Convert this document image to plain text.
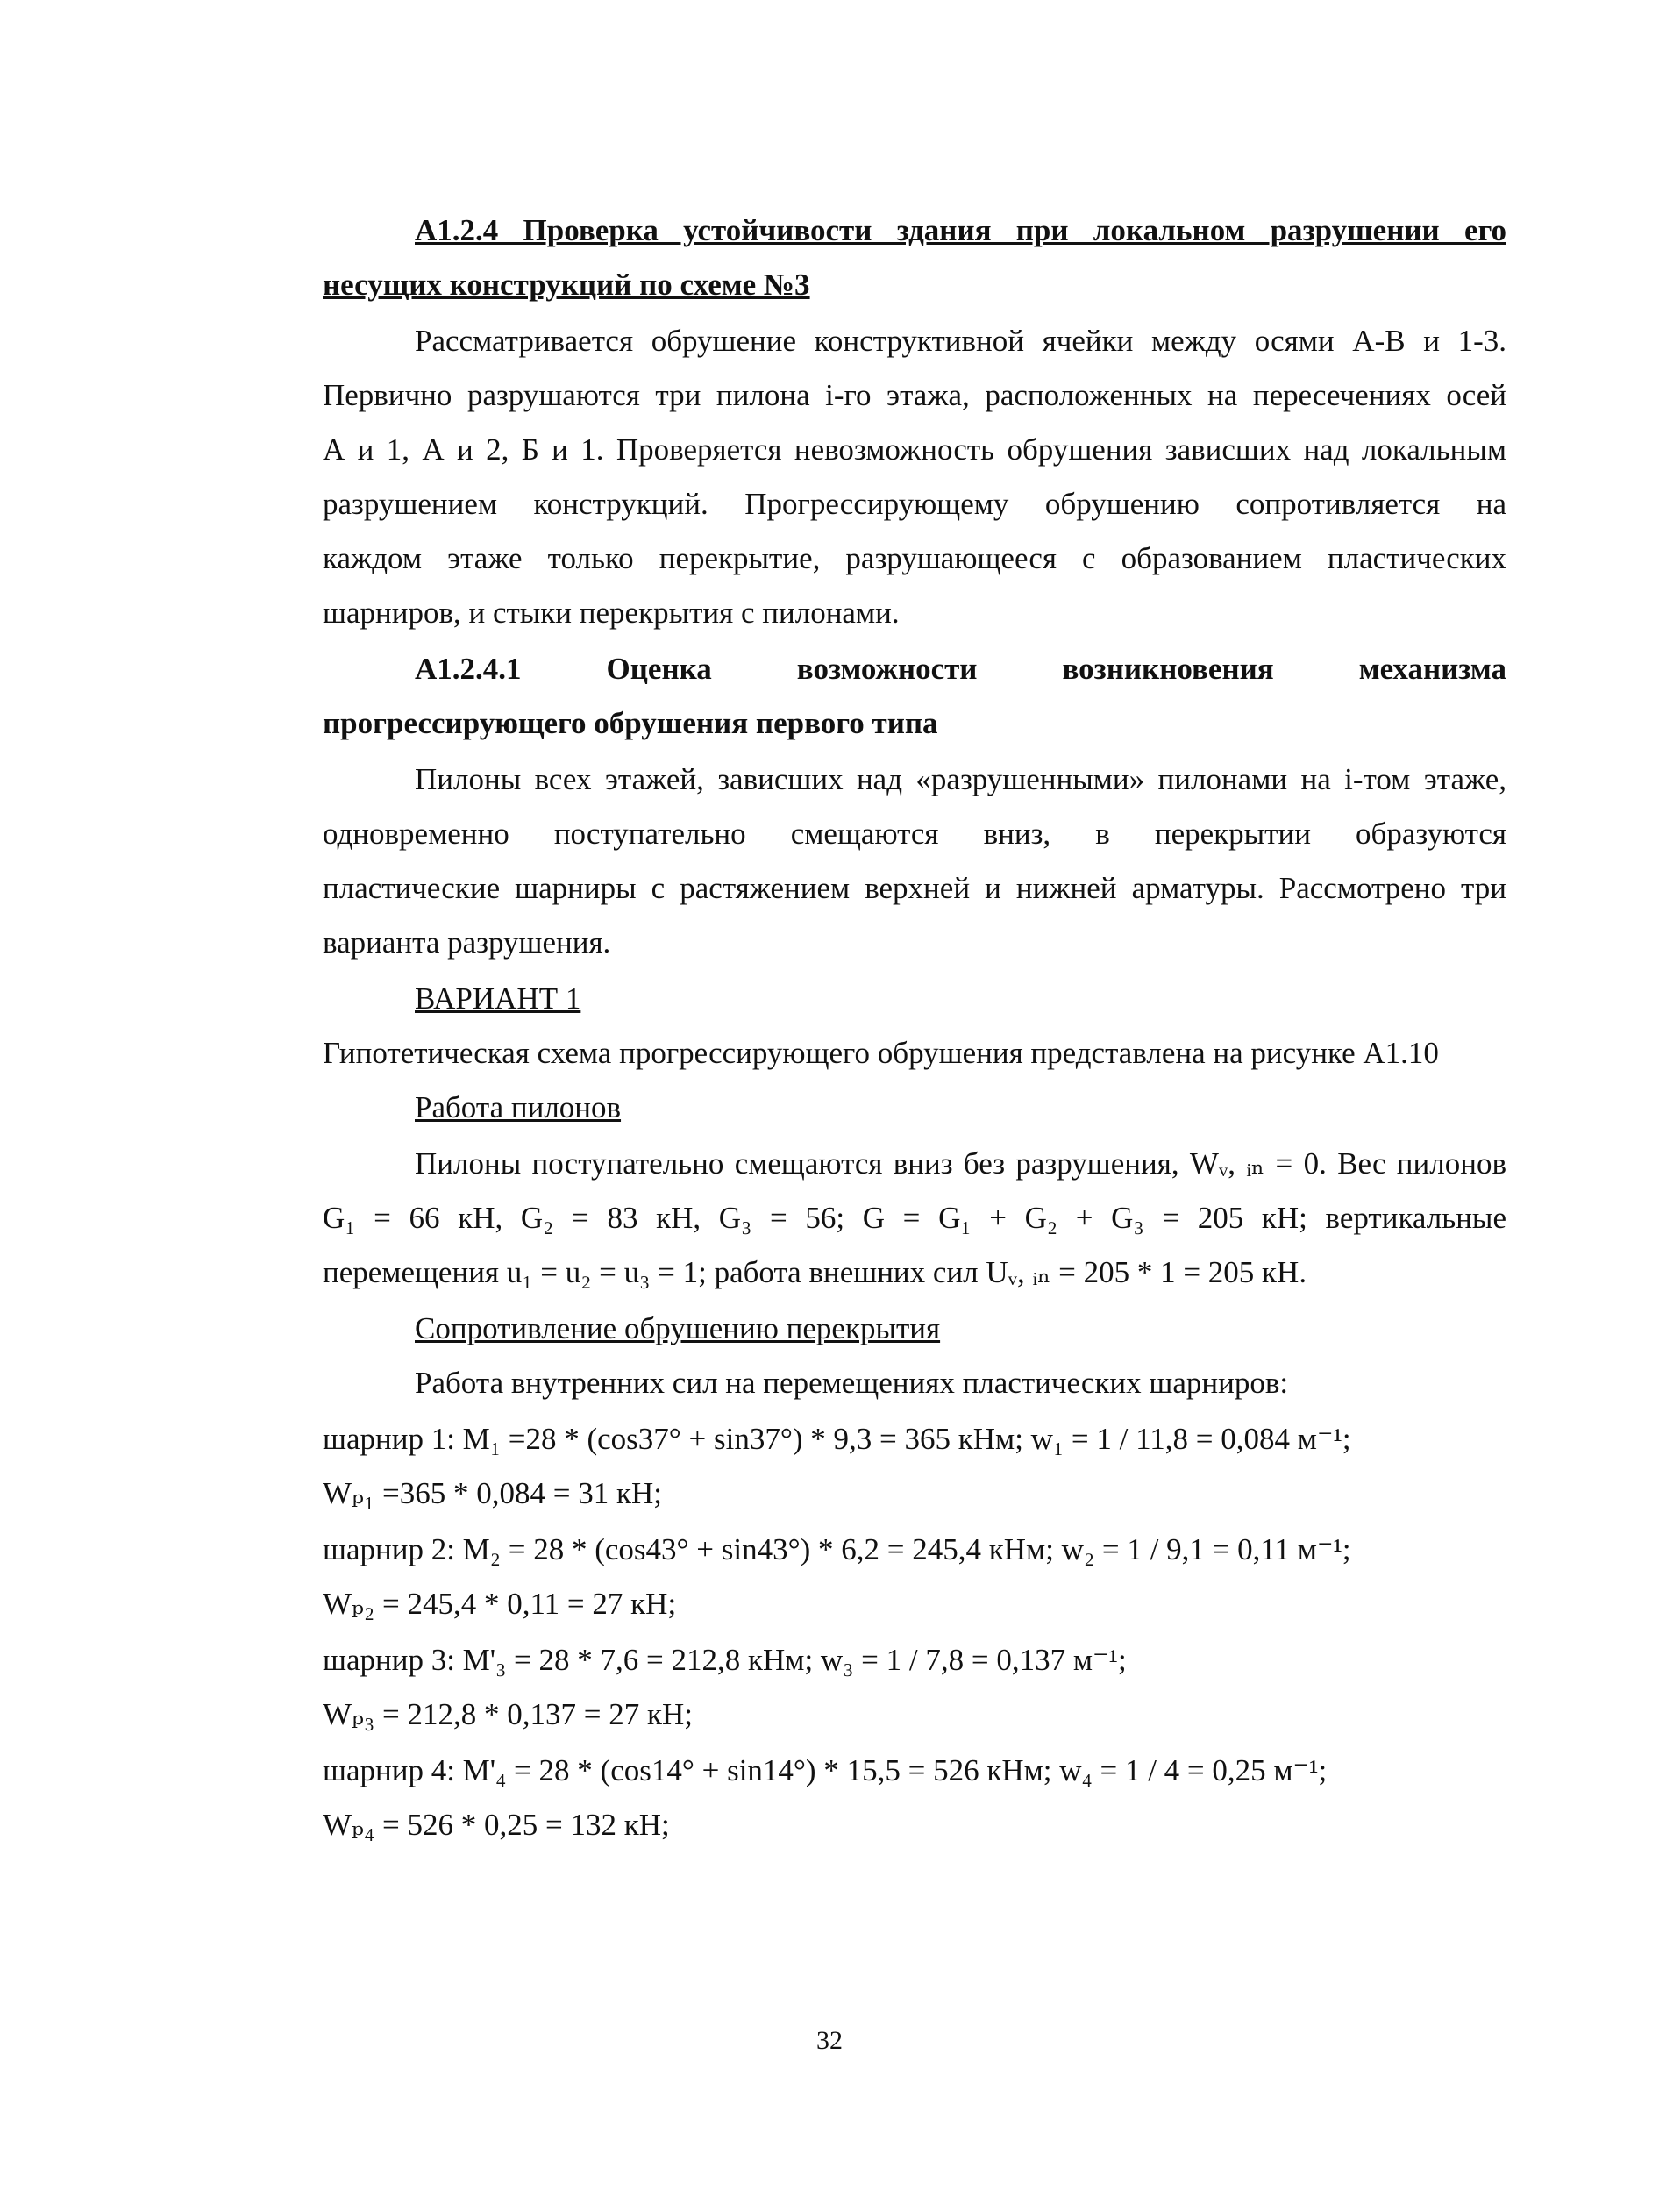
А1.2.4 Проверка устойчивости здания при локальном разрушении его
несущих конструкций по схеме №3
Рассматривается обрушение конструктивной ячейки между осями А-В и 1-3.
Первично разрушаются три пилона i-го этажа, расположенных на пересечениях осей
А и 1, А и 2, Б и 1. Проверяется невозможность обрушения зависших над локальным
разрушением конструкций. Прогрессирующему обрушению сопротивляется на
каждом этаже только перекрытие, разрушающееся с образованием пластических
шарниров, и стыки перекрытия с пилонами.
А1.2.4.1	Оценка	возможности	возникновения	механизма
прогрессирующего обрушения первого типа
Пилоны всех этажей, зависших над «разрушенными» пилонами на i-том этаже,
одновременно поступательно смещаются вниз, в перекрытии образуются
пластические шарниры с растяжением верхней и нижней арматуры. Рассмотрено три
варианта разрушения.
ВАРИАНТ 1
Гипотетическая схема прогрессирующего обрушения представлена на рисунке А1.10
Работа пилонов
Пилоны поступательно смещаются вниз без разрушения, Wᵥ, ᵢₙ = 0. Вес пилонов
G₁ = 66 кН, G₂ = 83 кН, G₃ = 56; G = G₁ + G₂ + G₃ = 205 кН; вертикальные
перемещения u₁ = u₂ = u₃ = 1; работа внешних сил Uᵥ, ᵢₙ = 205 * 1 = 205 кН.
Сопротивление обрушению перекрытия
Работа внутренних сил на перемещениях пластических шарниров:
шарнир 1: M₁ =28 * (cos37° + sin37°) * 9,3 = 365 кНм; w₁ = 1 / 11,8 = 0,084 м⁻¹;
Wₚ₁ =365 * 0,084 = 31 кН;
шарнир 2: M₂ = 28 * (cos43° + sin43°) * 6,2 = 245,4 кНм; w₂ = 1 / 9,1 = 0,11 м⁻¹;
Wₚ₂ = 245,4 * 0,11 = 27 кН;
шарнир 3: M'₃ = 28 * 7,6 = 212,8 кНм; w₃ = 1 / 7,8 = 0,137 м⁻¹;
Wₚ₃ = 212,8 * 0,137 = 27 кН;
шарнир 4: M'₄ = 28 * (cos14° + sin14°) * 15,5 = 526 кНм; w₄ = 1 / 4 = 0,25 м⁻¹;
Wₚ₄ = 526 * 0,25 = 132 кН;
32
